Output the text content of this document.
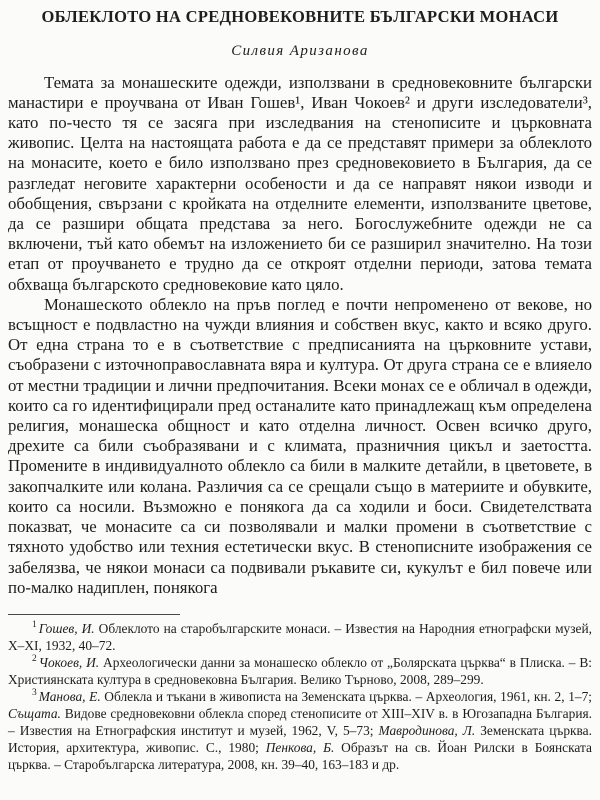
ОБЛЕКЛОТО НА СРЕДНОВЕКОВНИТЕ БЪЛГАРСКИ МОНАСИ
Силвия Аризанова

Темата за монашеските одежди, използвани в средновековните български манастири е проучвана от Иван Гошев¹, Иван Чокоев² и други изследователи³, като по-често тя се засяга при изследвания на стенописите и църковната живопис. Целта на настоящата работа е да се представят примери за облеклото на монасите, което е било използвано през средновековието в България, да се разгледат неговите характерни особености и да се направят някои изводи и обобщения, свързани с кройката на отделните елементи, използваните цветове, да се разшири общата представа за него. Богослужебните одежди не са включени, тъй като обемът на изложението би се разширил значително. На този етап от проучването е трудно да се откроят отделни периоди, затова темата обхваща българското средновековие като цяло.

Монашеското облекло на пръв поглед е почти непроменено от векове, но всъщност е подвластно на чужди влияния и собствен вкус, както и всяко друго. От една страна то е в съответствие с предписанията на църковните устави, съобразени с източноправославната вяра и култура. От друга страна се е влияело от местни традиции и лични предпочитания. Всеки монах се е обличал в одежди, които са го идентифицирали пред останалите като принадлежащ към определена религия, монашеска общност и като отделна личност. Освен всичко друго, дрехите са били съобразявани и с климата, празничния цикъл и заетостта. Промените в индивидуалното облекло са били в малките детайли, в цветовете, в закопчалките или колана. Различия са се срещали също в материите и обувките, които са носили. Възможно е понякога да са ходили и боси. Свидетелствата показват, че монасите са си позволявали и малки промени в съответствие с тяхното удобство или техния естетически вкус. В стенописните изображения се забелязва, че някои монаси са подвивали ръкавите си, кукулът е бил повече или по-малко надиплен, понякога

$^1$ Гошев, И. Облеклото на старобългарските монаси. – Известия на Народния етнографски музей, X–XI, 1932, 40–72.

$^2$ Чокоев, И. Археологически данни за монашеско облекло от „Болярската църква“ в Плиска. – В: Християнската култура в средновековна България. Велико Търново, 2008, 289–299.

$^3$ Манова, Е. Облекла и тъкани в живописта на Земенската църква. – Археология, 1961, кн. 2, 1–7; Същата. Видове средновековни облекла според стенописите от XIII–XIV в. в Югозападна България. – Известия на Етнографския институт и музей, 1962, V, 5–73; Мавродинова, Л. Земенската църква. История, архитектура, живопис. С., 1980; Пенкова, Б. Образът на св. Йоан Рилски в Боянската църква. – Старобългарска литература, 2008, кн. 39–40, 163–183 и др.
